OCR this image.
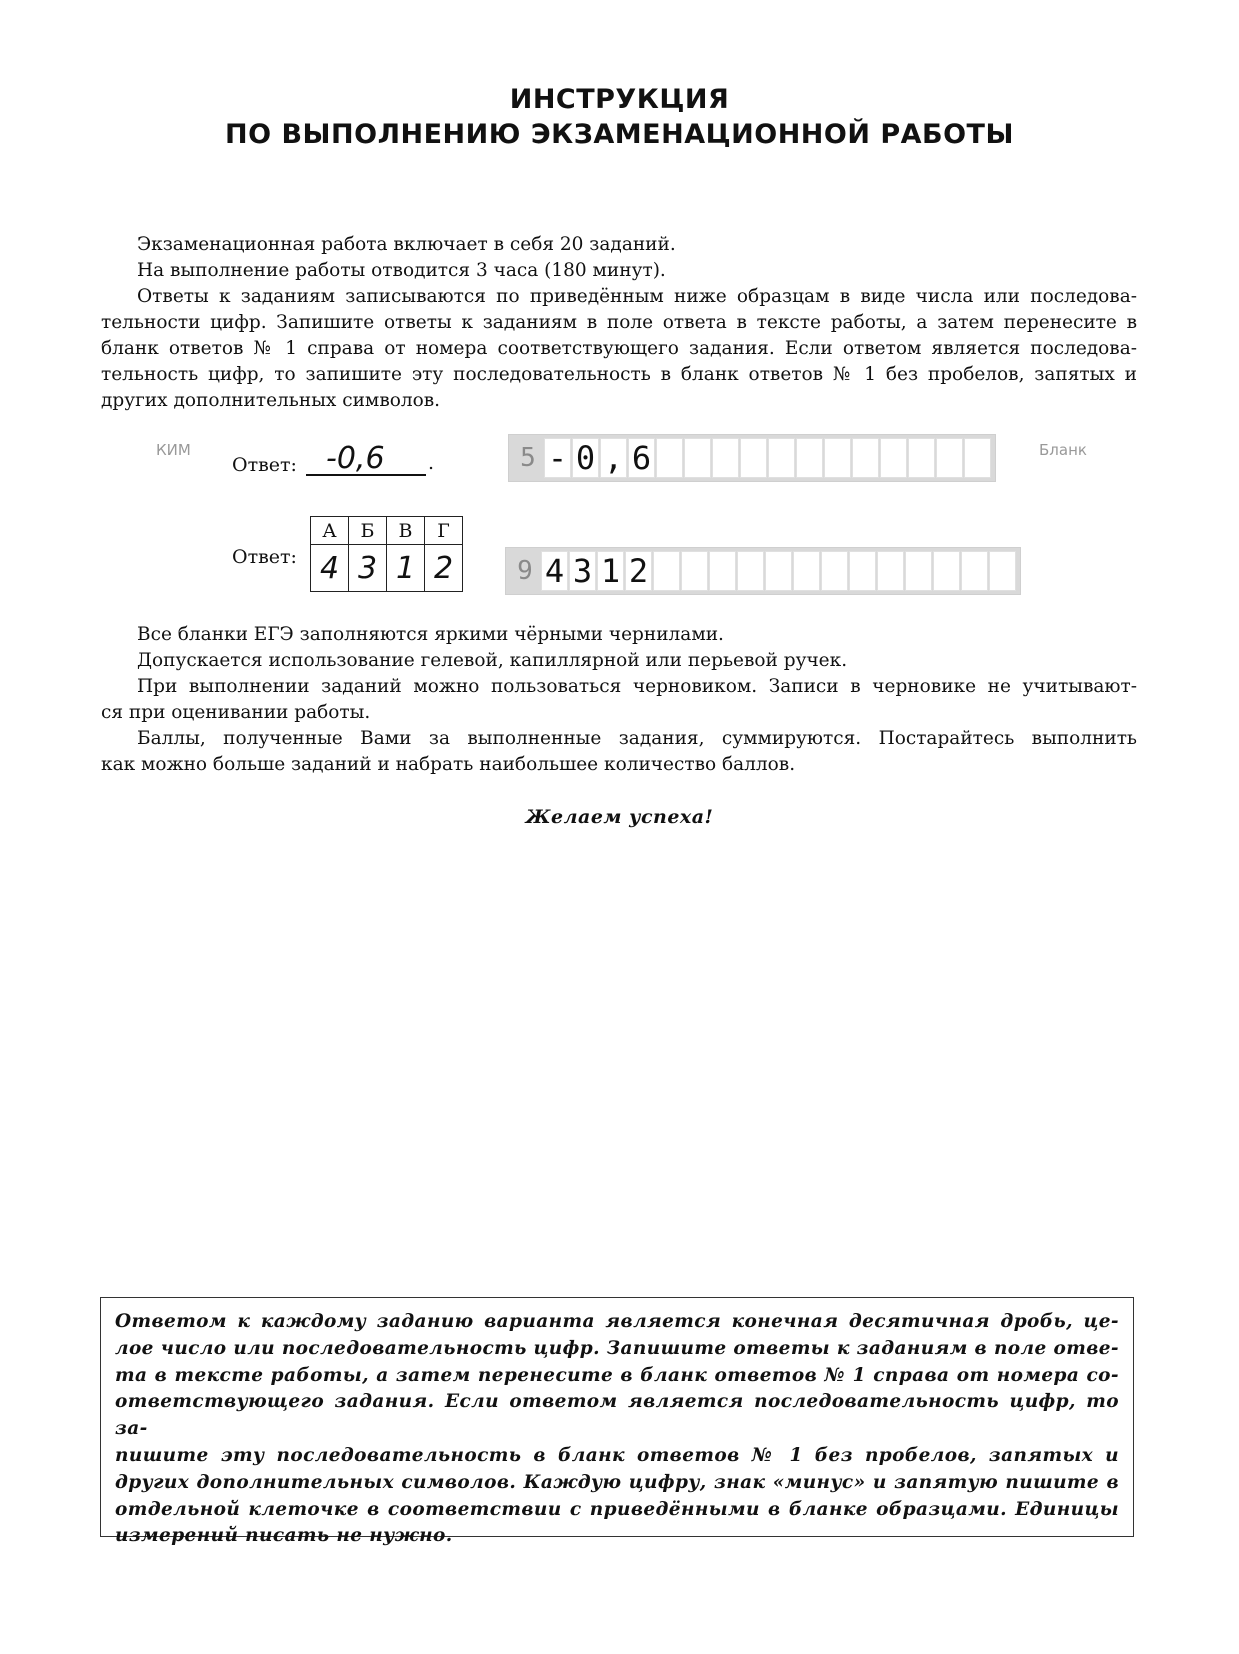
ИНСТРУКЦИЯ
ПО ВЫПОЛНЕНИЮ ЭКЗАМЕНАЦИОННОЙ РАБОТЫ
Экзаменационная работа включает в себя 20 заданий.
На выполнение работы отводится 3 часа (180 минут).
Ответы к заданиям записываются по приведённым ниже образцам в виде числа или последова-
тельности цифр. Запишите ответы к заданиям в поле ответа в тексте работы, а затем перенесите в
бланк ответов № 1 справа от номера соответствующего задания. Если ответом является последова-
тельность цифр, то запишите эту последовательность в бланк ответов № 1 без пробелов, запятых и
других дополнительных символов.
КИМ	Бланк
Ответ: -0,6	.	5 - 0 , 6
Ответ:
А	Б	В	Г
4	3	1	2	9 4 3 1 2
Все бланки ЕГЭ заполняются яркими чёрными чернилами.
Допускается использование гелевой, капиллярной или перьевой ручек.
При выполнении заданий можно пользоваться черновиком. Записи в черновике не учитывают-
ся при оценивании работы.
Баллы, полученные Вами за выполненные задания, суммируются. Постарайтесь выполнить
как можно больше заданий и набрать наибольшее количество баллов.
Желаем успеха!
Ответом к каждому заданию варианта является конечная десятичная дробь, це-
лое число или последовательность цифр. Запишите ответы к заданиям в поле отве-
та в тексте работы, а затем перенесите в бланк ответов № 1 справа от номера со-
ответствующего задания. Если ответом является последовательность цифр, то за-
пишите эту последовательность в бланк ответов № 1 без пробелов, запятых и
других дополнительных символов. Каждую цифру, знак «минус» и запятую пишите в
отдельной клеточке в соответствии с приведёнными в бланке образцами. Единицы
измерений писать не нужно.
